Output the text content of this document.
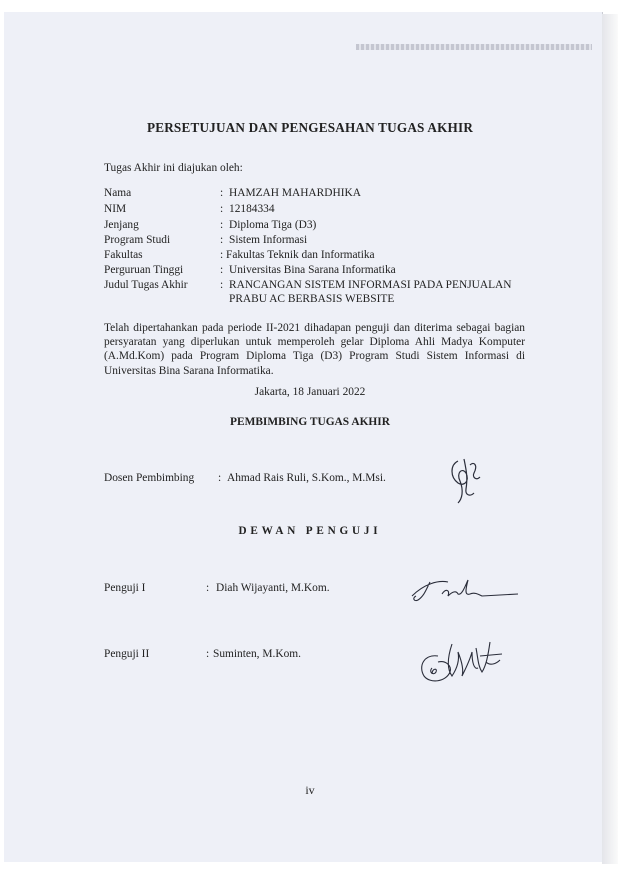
PERSETUJUAN DAN PENGESAHAN TUGAS AKHIR
Tugas Akhir ini diajukan oleh:
Nama	: HAMZAH MAHARDHIKA
NIM	: 12184334
Jenjang	: Diploma Tiga (D3)
Program Studi	: Sistem Informasi
Fakultas	: Fakultas Teknik dan Informatika
Perguruan Tinggi	: Universitas Bina Sarana Informatika
Judul Tugas Akhir	: RANCANGAN SISTEM INFORMASI PADA PENJUALAN
PRABU AC BERBASIS WEBSITE
Telah dipertahankan pada periode II-2021 dihadapan penguji dan diterima sebagai bagian persyaratan yang diperlukan untuk memperoleh gelar Diploma Ahli Madya Komputer (A.Md.Kom) pada Program Diploma Tiga (D3) Program Studi Sistem Informasi di Universitas Bina Sarana Informatika.
Jakarta, 18 Januari 2022
PEMBIMBING TUGAS AKHIR
Dosen Pembimbing : Ahmad Rais Ruli, S.Kom., M.Msi.
DEWAN PENGUJI
Penguji I	: Diah Wijayanti, M.Kom.
Penguji II	: Suminten, M.Kom.
iv
